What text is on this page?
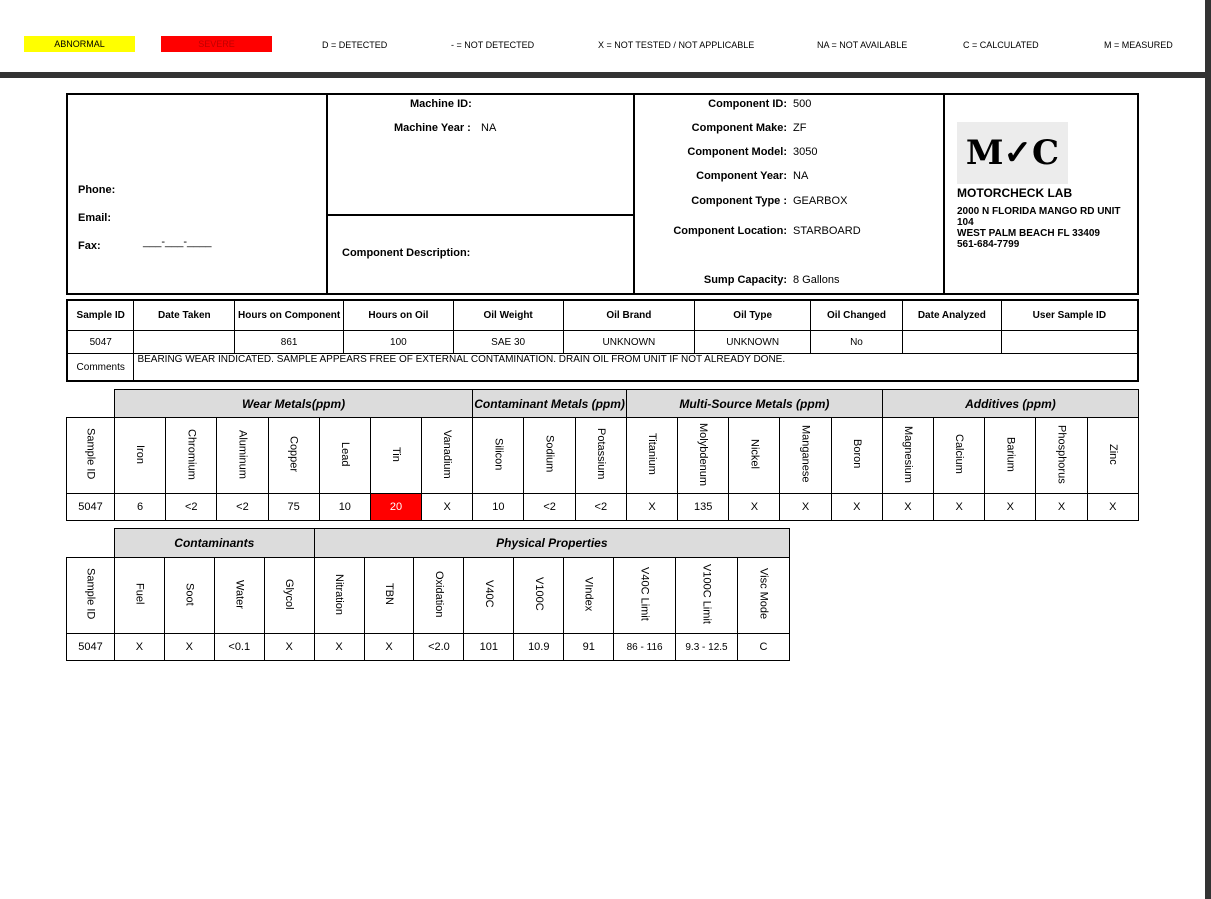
ABNORMAL	SEVERE	D = DETECTED	- = NOT DETECTED	X = NOT TESTED / NOT APPLICABLE	NA = NOT AVAILABLE	C = CALCULATED	M = MEASURED
Phone:
Email:
Fax:	___-___-____
Machine ID:
Machine Year : NA
Component Description:
Component ID: 500
Component Make: ZF
Component Model: 3050
Component Year: NA
Component Type : GEARBOX
Component Location: STARBOARD
Sump Capacity: 8 Gallons
M✓C
MOTORCHECK LAB
2000 N FLORIDA MANGO RD UNIT
104
WEST PALM BEACH FL 33409
561-684-7799
Sample ID	Date Taken	Hours on Component	Hours on Oil	Oil Weight	Oil Brand	Oil Type	Oil Changed	Date Analyzed	User Sample ID
5047		861	100	SAE 30	UNKNOWN	UNKNOWN	No		
Comments	BEARING WEAR INDICATED. SAMPLE APPEARS FREE OF EXTERNAL CONTAMINATION. DRAIN OIL FROM UNIT IF NOT ALREADY DONE.								
	Wear Metals(ppm)							Contaminant Metals (ppm)			Multi-Source Metals (ppm)					Additives (ppm)				
Sample ID	Iron	Chromium	Aluminum	Copper	Lead	Tin	Vanadium	Silicon	Sodium	Potassium	Titanium	Molybdenum	Nickel	Manganese	Boron	Magnesium	Calcium	Barium	Phosphorus	Zinc
5047	6	<2	<2	75	10	20	X	10	<2	<2	X	135	X	X	X	X	X	X	X	X
	Contaminants				Physical Properties								
Sample ID	Fuel	Soot	Water	Glycol	Nitration	TBN	Oxidation	V40C	V100C	VIndex	V40C Limit	V100C Limit	Visc Mode
5047	X	X	<0.1	X	X	X	<2.0	101	10.9	91	86 - 116	9.3 - 12.5	C
